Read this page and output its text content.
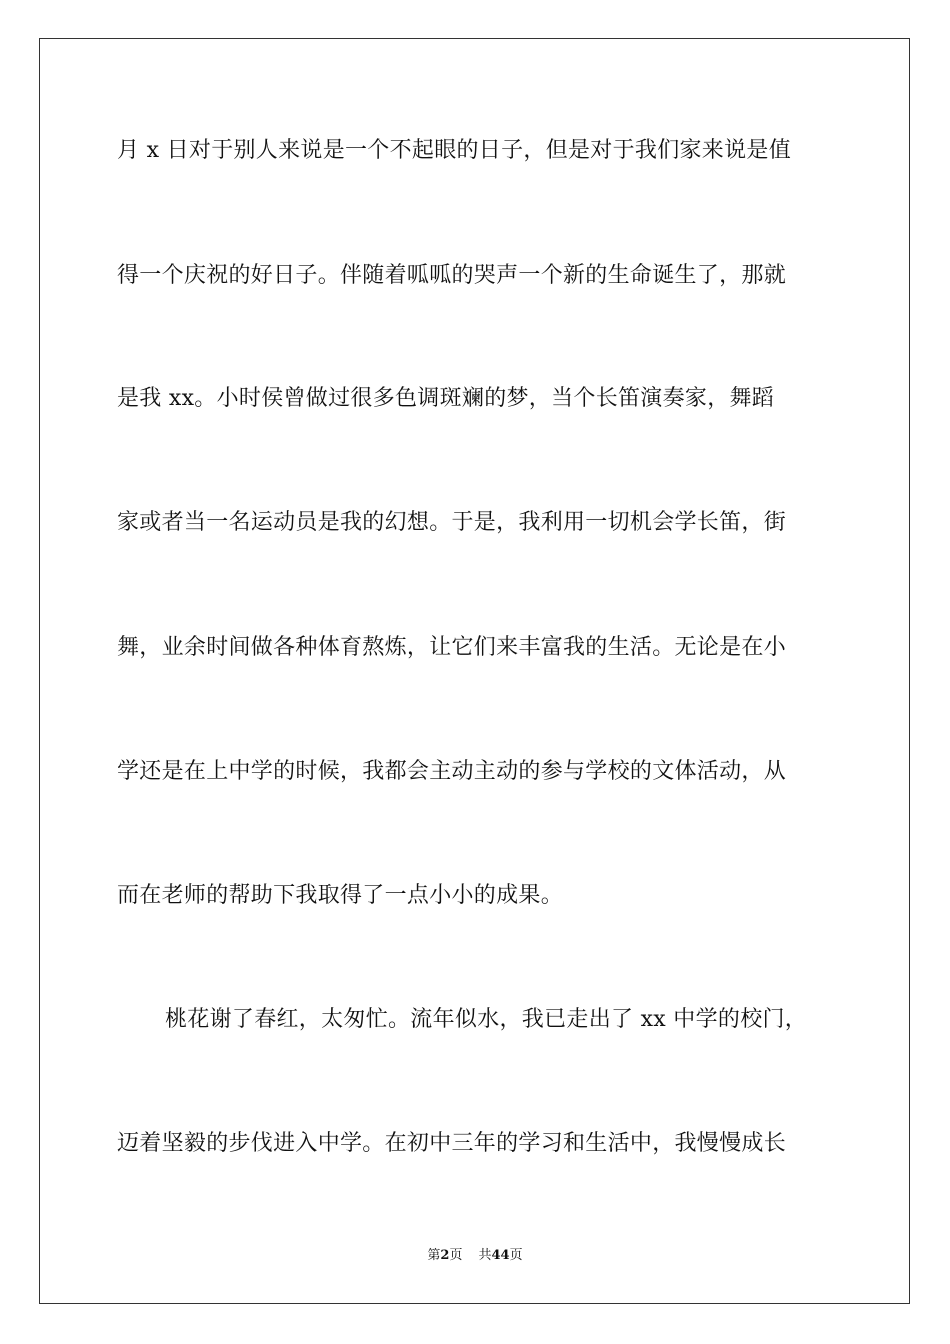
月 x 日对于别人来说是一个不起眼的日子，但是对于我们家来说是值
得一个庆祝的好日子。伴随着呱呱的哭声一个新的生命诞生了，那就
是我 xx。小时侯曾做过很多色调斑斓的梦，当个长笛演奏家，舞蹈
家或者当一名运动员是我的幻想。于是，我利用一切机会学长笛，街
舞，业余时间做各种体育熬炼，让它们来丰富我的生活。无论是在小
学还是在上中学的时候，我都会主动主动的参与学校的文体活动，从
而在老师的帮助下我取得了一点小小的成果。
桃花谢了春红，太匆忙。流年似水，我已走出了 xx 中学的校门，
迈着坚毅的步伐进入中学。在初中三年的学习和生活中，我慢慢成长
第2页 共44页
